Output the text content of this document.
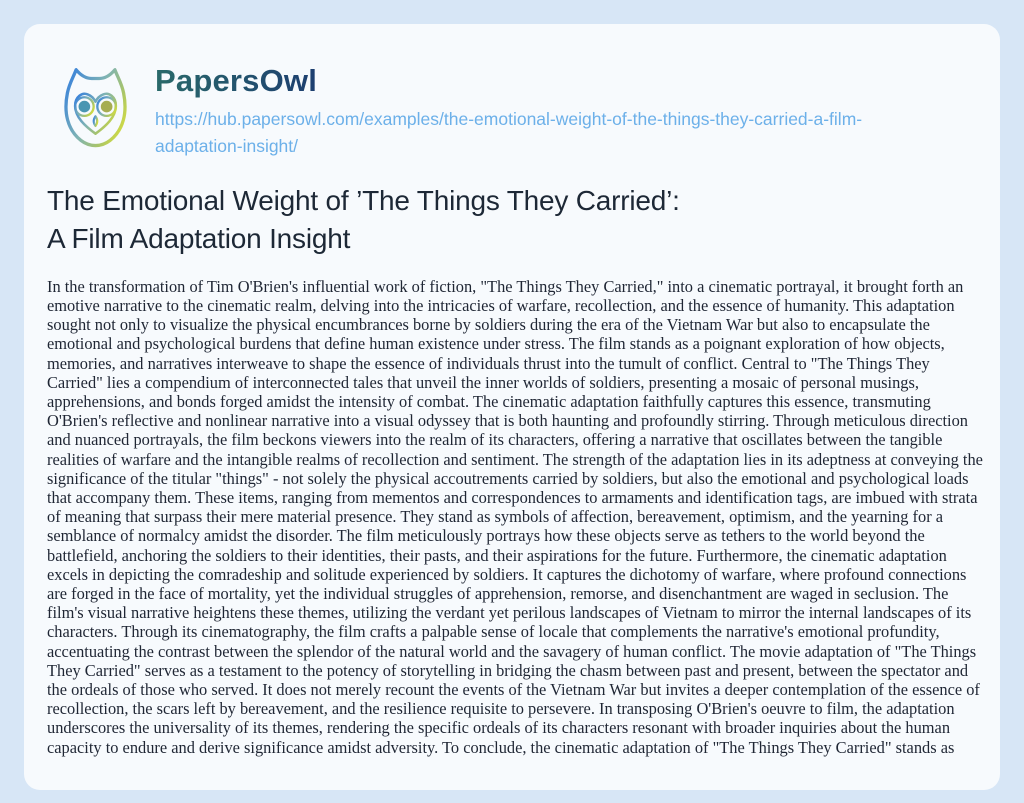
PapersOwl
https://hub.papersowl.com/examples/the-emotional-weight-of-the-things-they-carried-a-film-adaptation-insight/
The Emotional Weight of ’The Things They Carried’:
A Film Adaptation Insight

In the transformation of Tim O'Brien's influential work of fiction, "The Things They Carried," into a cinematic portrayal, it brought forth an emotive narrative to the cinematic realm, delving into the intricacies of warfare, recollection, and the essence of humanity. This adaptation sought not only to visualize the physical encumbrances borne by soldiers during the era of the Vietnam War but also to encapsulate the emotional and psychological burdens that define human existence under stress. The film stands as a poignant exploration of how objects, memories, and narratives interweave to shape the essence of individuals thrust into the tumult of conflict. Central to "The Things They Carried" lies a compendium of interconnected tales that unveil the inner worlds of soldiers, presenting a mosaic of personal musings, apprehensions, and bonds forged amidst the intensity of combat. The cinematic adaptation faithfully captures this essence, transmuting O'Brien's reflective and nonlinear narrative into a visual odyssey that is both haunting and profoundly stirring. Through meticulous direction and nuanced portrayals, the film beckons viewers into the realm of its characters, offering a narrative that oscillates between the tangible realities of warfare and the intangible realms of recollection and sentiment. The strength of the adaptation lies in its adeptness at conveying the significance of the titular "things" - not solely the physical accoutrements carried by soldiers, but also the emotional and psychological loads that accompany them. These items, ranging from mementos and correspondences to armaments and identification tags, are imbued with strata of meaning that surpass their mere material presence. They stand as symbols of affection, bereavement, optimism, and the yearning for a semblance of normalcy amidst the disorder. The film meticulously portrays how these objects serve as tethers to the world beyond the battlefield, anchoring the soldiers to their identities, their pasts, and their aspirations for the future. Furthermore, the cinematic adaptation excels in depicting the comradeship and solitude experienced by soldiers. It captures the dichotomy of warfare, where profound connections are forged in the face of mortality, yet the individual struggles of apprehension, remorse, and disenchantment are waged in seclusion. The film's visual narrative heightens these themes, utilizing the verdant yet perilous landscapes of Vietnam to mirror the internal landscapes of its characters. Through its cinematography, the film crafts a palpable sense of locale that complements the narrative's emotional profundity, accentuating the contrast between the splendor of the natural world and the savagery of human conflict. The movie adaptation of "The Things They Carried" serves as a testament to the potency of storytelling in bridging the chasm between past and present, between the spectator and the ordeals of those who served. It does not merely recount the events of the Vietnam War but invites a deeper contemplation of the essence of recollection, the scars left by bereavement, and the resilience requisite to persevere. In transposing O'Brien's oeuvre to film, the adaptation underscores the universality of its themes, rendering the specific ordeals of its characters resonant with broader inquiries about the human capacity to endure and derive significance amidst adversity. To conclude, the cinematic adaptation of "The Things They Carried" stands as
